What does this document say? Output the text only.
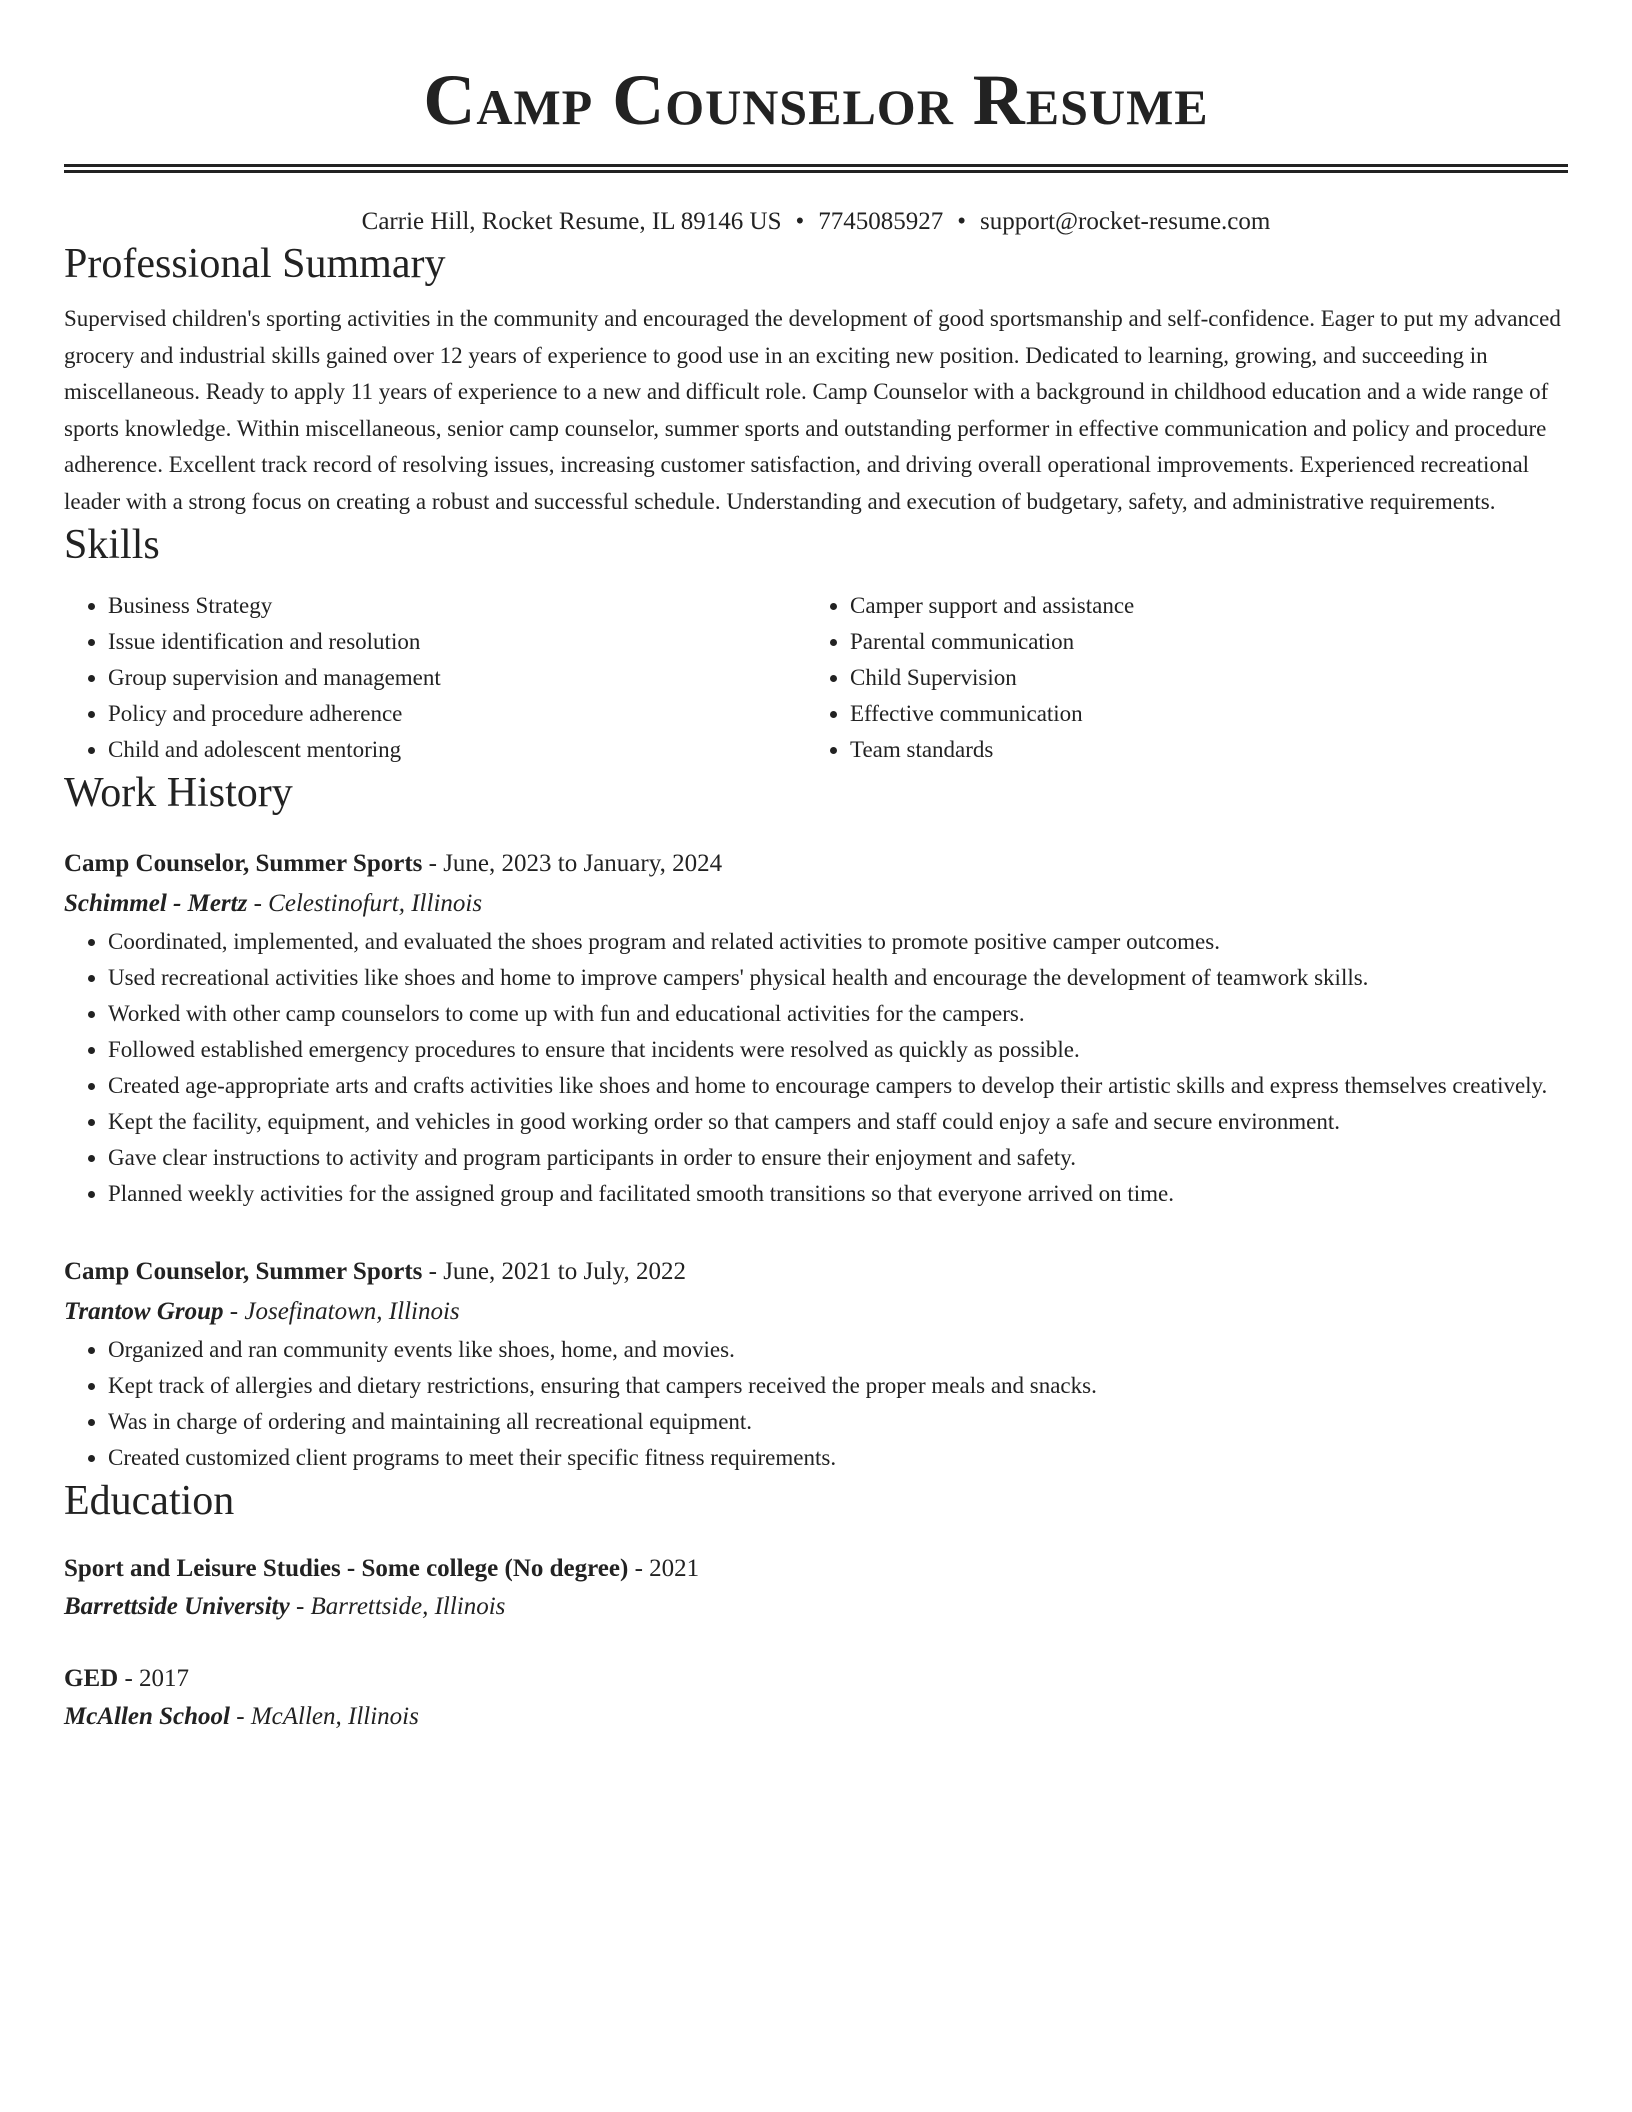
Camp Counselor Resume
Carrie Hill, Rocket Resume, IL 89146 US • 7745085927 • support@rocket-resume.com
Professional Summary
Supervised children's sporting activities in the community and encouraged the development of good sportsmanship and self-confidence. Eager to put my advanced grocery and industrial skills gained over 12 years of experience to good use in an exciting new position. Dedicated to learning, growing, and succeeding in miscellaneous. Ready to apply 11 years of experience to a new and difficult role. Camp Counselor with a background in childhood education and a wide range of sports knowledge. Within miscellaneous, senior camp counselor, summer sports and outstanding performer in effective communication and policy and procedure adherence. Excellent track record of resolving issues, increasing customer satisfaction, and driving overall operational improvements. Experienced recreational leader with a strong focus on creating a robust and successful schedule. Understanding and execution of budgetary, safety, and administrative requirements.
Skills
• Business Strategy
• Issue identification and resolution
• Group supervision and management
• Policy and procedure adherence
• Child and adolescent mentoring
• Camper support and assistance
• Parental communication
• Child Supervision
• Effective communication
• Team standards
Work History
Camp Counselor, Summer Sports - June, 2023 to January, 2024
Schimmel - Mertz - Celestinofurt, Illinois
• Coordinated, implemented, and evaluated the shoes program and related activities to promote positive camper outcomes.
• Used recreational activities like shoes and home to improve campers' physical health and encourage the development of teamwork skills.
• Worked with other camp counselors to come up with fun and educational activities for the campers.
• Followed established emergency procedures to ensure that incidents were resolved as quickly as possible.
• Created age-appropriate arts and crafts activities like shoes and home to encourage campers to develop their artistic skills and express themselves creatively.
• Kept the facility, equipment, and vehicles in good working order so that campers and staff could enjoy a safe and secure environment.
• Gave clear instructions to activity and program participants in order to ensure their enjoyment and safety.
• Planned weekly activities for the assigned group and facilitated smooth transitions so that everyone arrived on time.
Camp Counselor, Summer Sports - June, 2021 to July, 2022
Trantow Group - Josefinatown, Illinois
• Organized and ran community events like shoes, home, and movies.
• Kept track of allergies and dietary restrictions, ensuring that campers received the proper meals and snacks.
• Was in charge of ordering and maintaining all recreational equipment.
• Created customized client programs to meet their specific fitness requirements.
Education
Sport and Leisure Studies - Some college (No degree) - 2021
Barrettside University - Barrettside, Illinois
GED - 2017
McAllen School - McAllen, Illinois
